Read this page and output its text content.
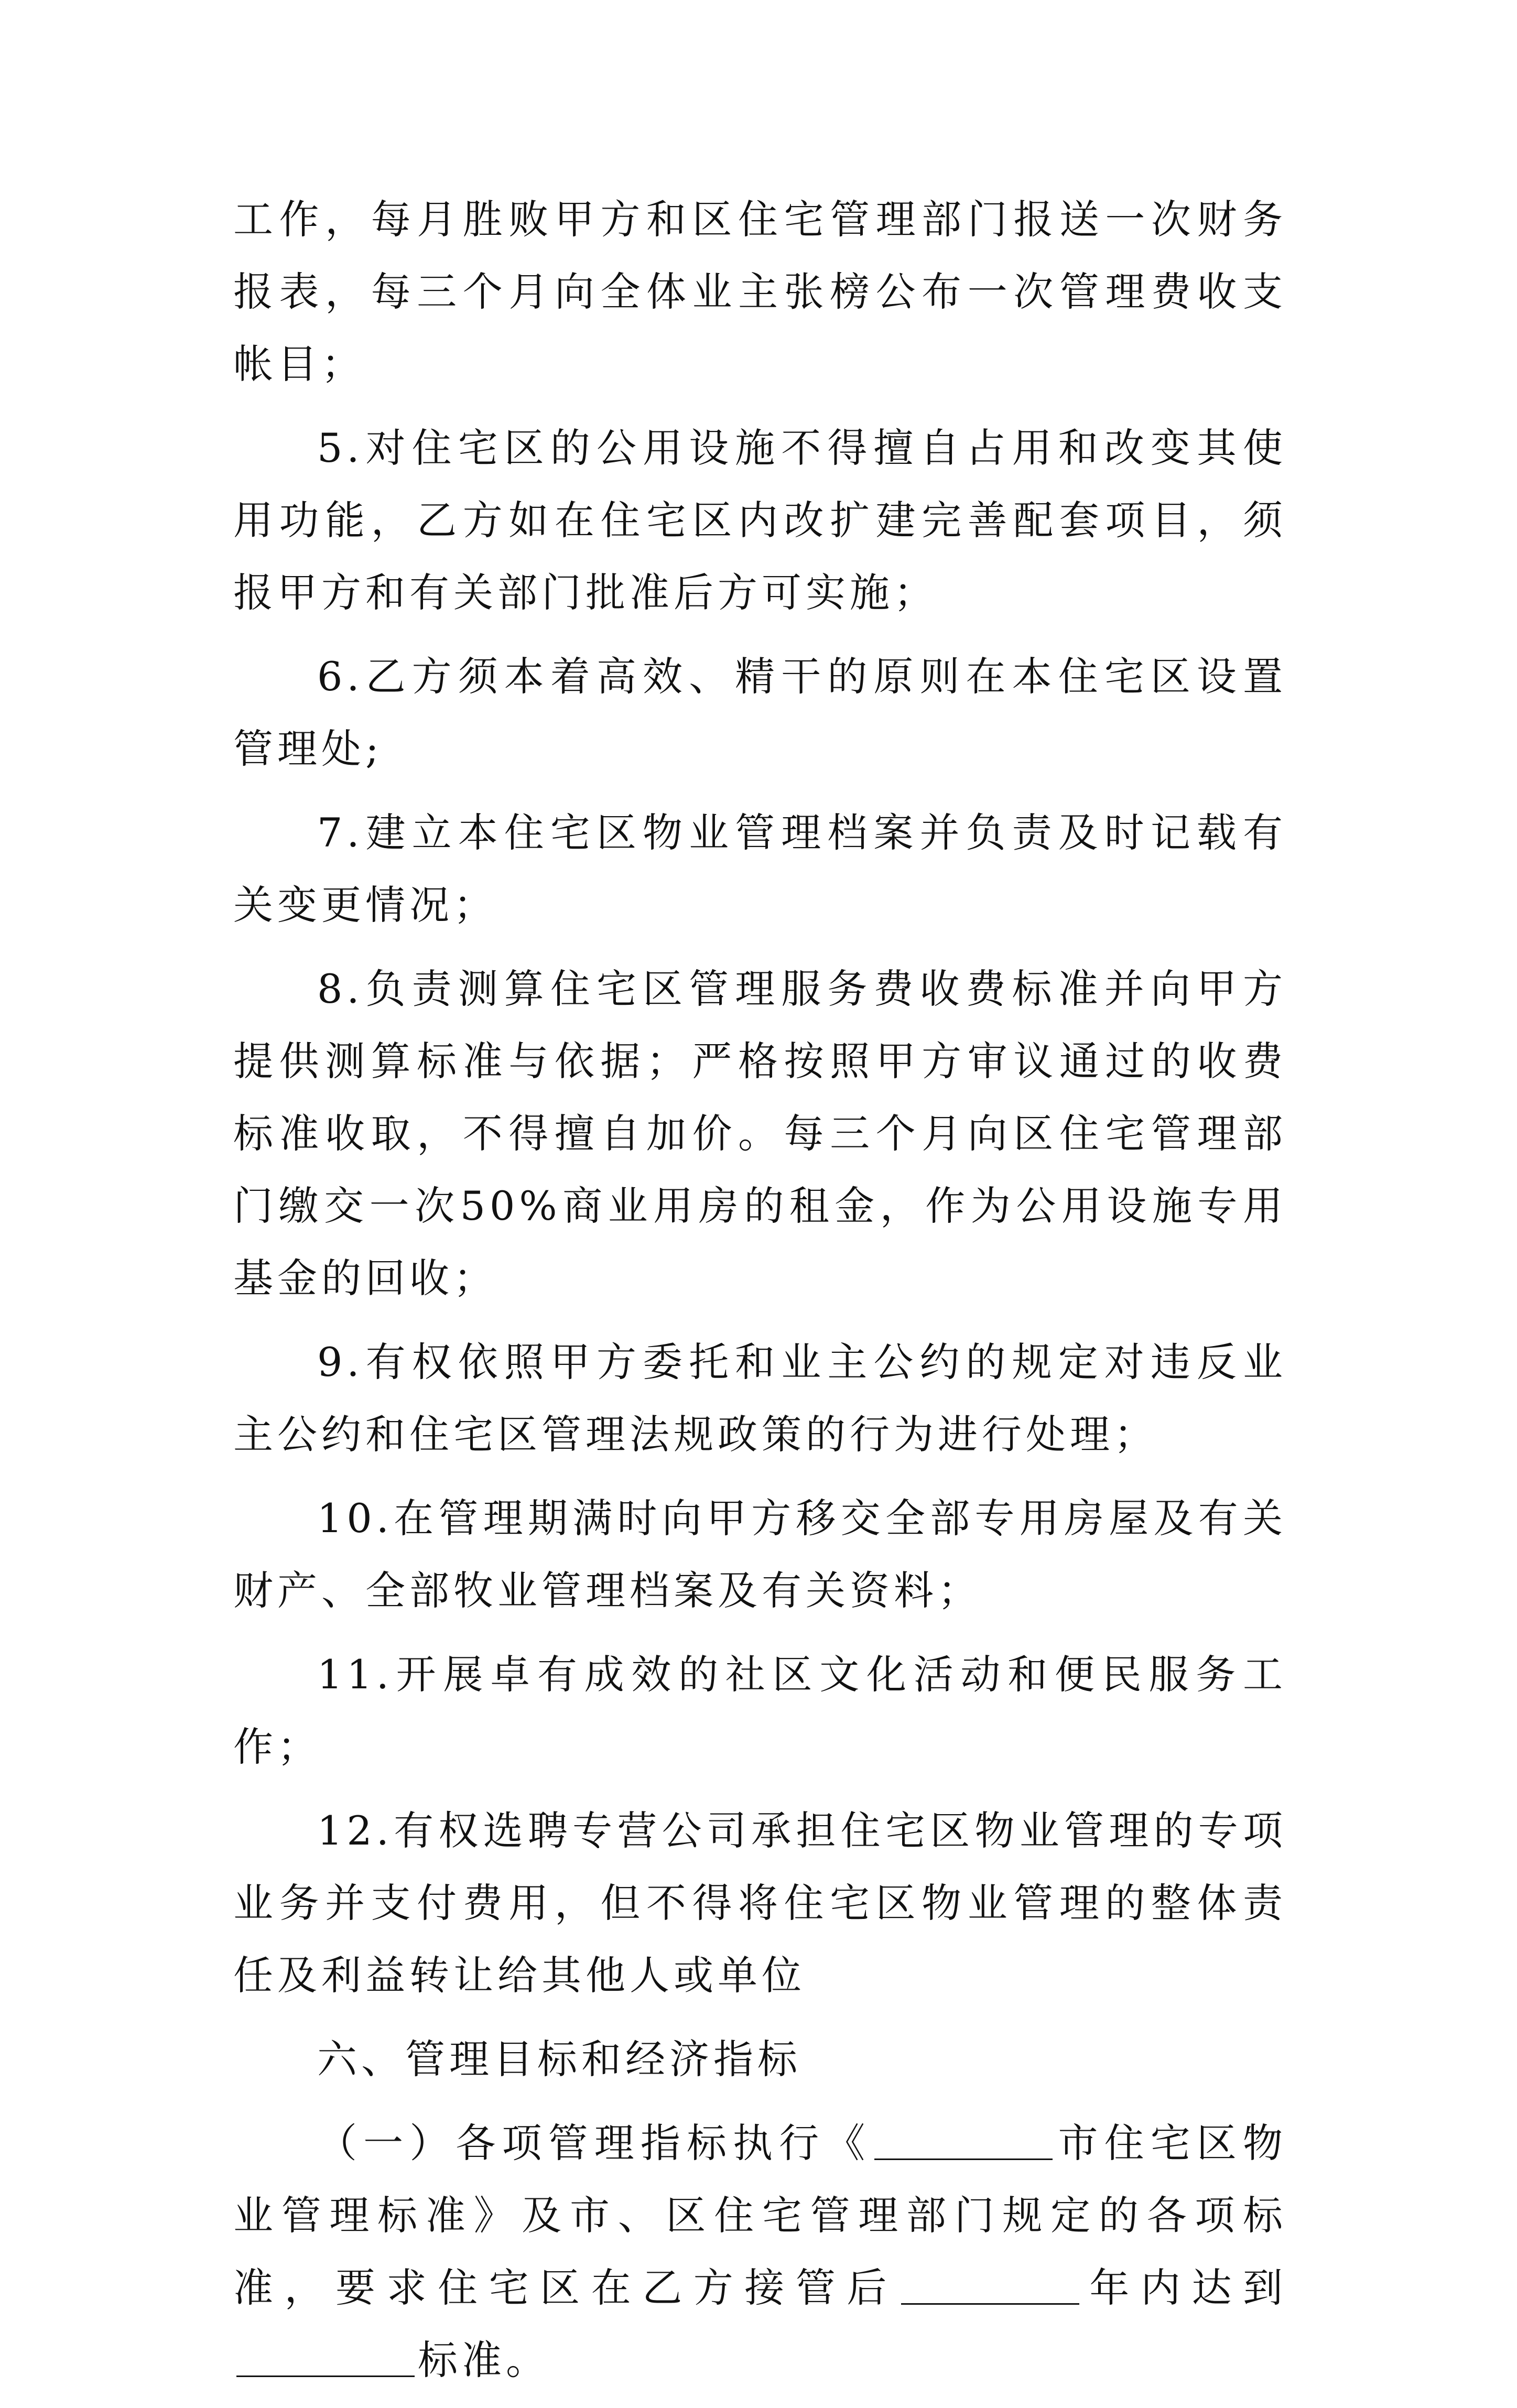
工作，每月胜败甲方和区住宅管理部门报送一次财务报表，每三个月向全体业主张榜公布一次管理费收支帐目；

5.对住宅区的公用设施不得擅自占用和改变其使用功能，乙方如在住宅区内改扩建完善配套项目，须报甲方和有关部门批准后方可实施；

6.乙方须本着高效、精干的原则在本住宅区设置管理处;

7.建立本住宅区物业管理档案并负责及时记载有关变更情况；

8.负责测算住宅区管理服务费收费标准并向甲方提供测算标准与依据；严格按照甲方审议通过的收费标准收取，不得擅自加价。每三个月向区住宅管理部门缴交一次50%商业用房的租金，作为公用设施专用基金的回收；

9.有权依照甲方委托和业主公约的规定对违反业主公约和住宅区管理法规政策的行为进行处理；

10.在管理期满时向甲方移交全部专用房屋及有关财产、全部牧业管理档案及有关资料；

11.开展卓有成效的社区文化活动和便民服务工作；

12.有权选聘专营公司承担住宅区物业管理的专项业务并支付费用，但不得将住宅区物业管理的整体责任及利益转让给其他人或单位

六、管理目标和经济指标

（一）各项管理指标执行《	市住宅区物业管理标准》及市、区住宅管理部门规定的各项标准，要求住宅区在乙方接管后	年内达到标准。
